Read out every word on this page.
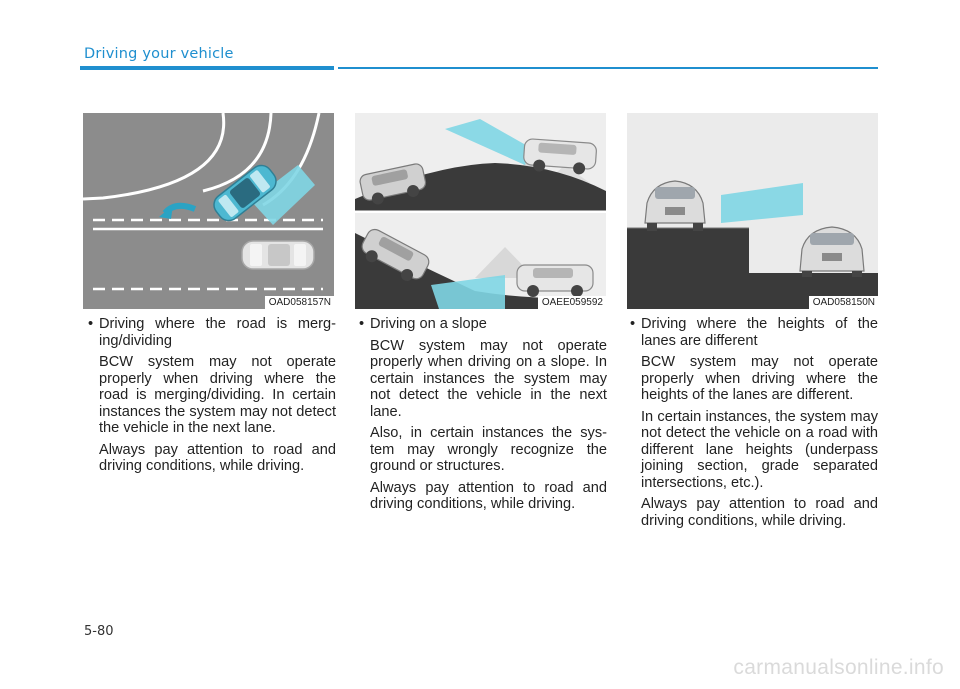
Driving your vehicle
OAD058157N	OAEE059592	OAD058150N
• Driving where the road is merg-ing/dividing
BCW system may not operate properly when driving where the road is merging/dividing. In certain instances the system may not detect the vehicle in the next lane.
Always pay attention to road and driving conditions, while driving.
• Driving on a slope
BCW system may not operate properly when driving on a slope. In certain instances the system may not detect the vehicle in the next lane.
Also, in certain instances the sys-tem may wrongly recognize the ground or structures.
Always pay attention to road and driving conditions, while driving.
• Driving where the heights of the lanes are different
BCW system may not operate properly when driving where the heights of the lanes are different.
In certain instances, the system may not detect the vehicle on a road with different lane heights (underpass joining section, grade separated intersections, etc.).
Always pay attention to road and driving conditions, while driving.
5-80
carmanualsonline.info
